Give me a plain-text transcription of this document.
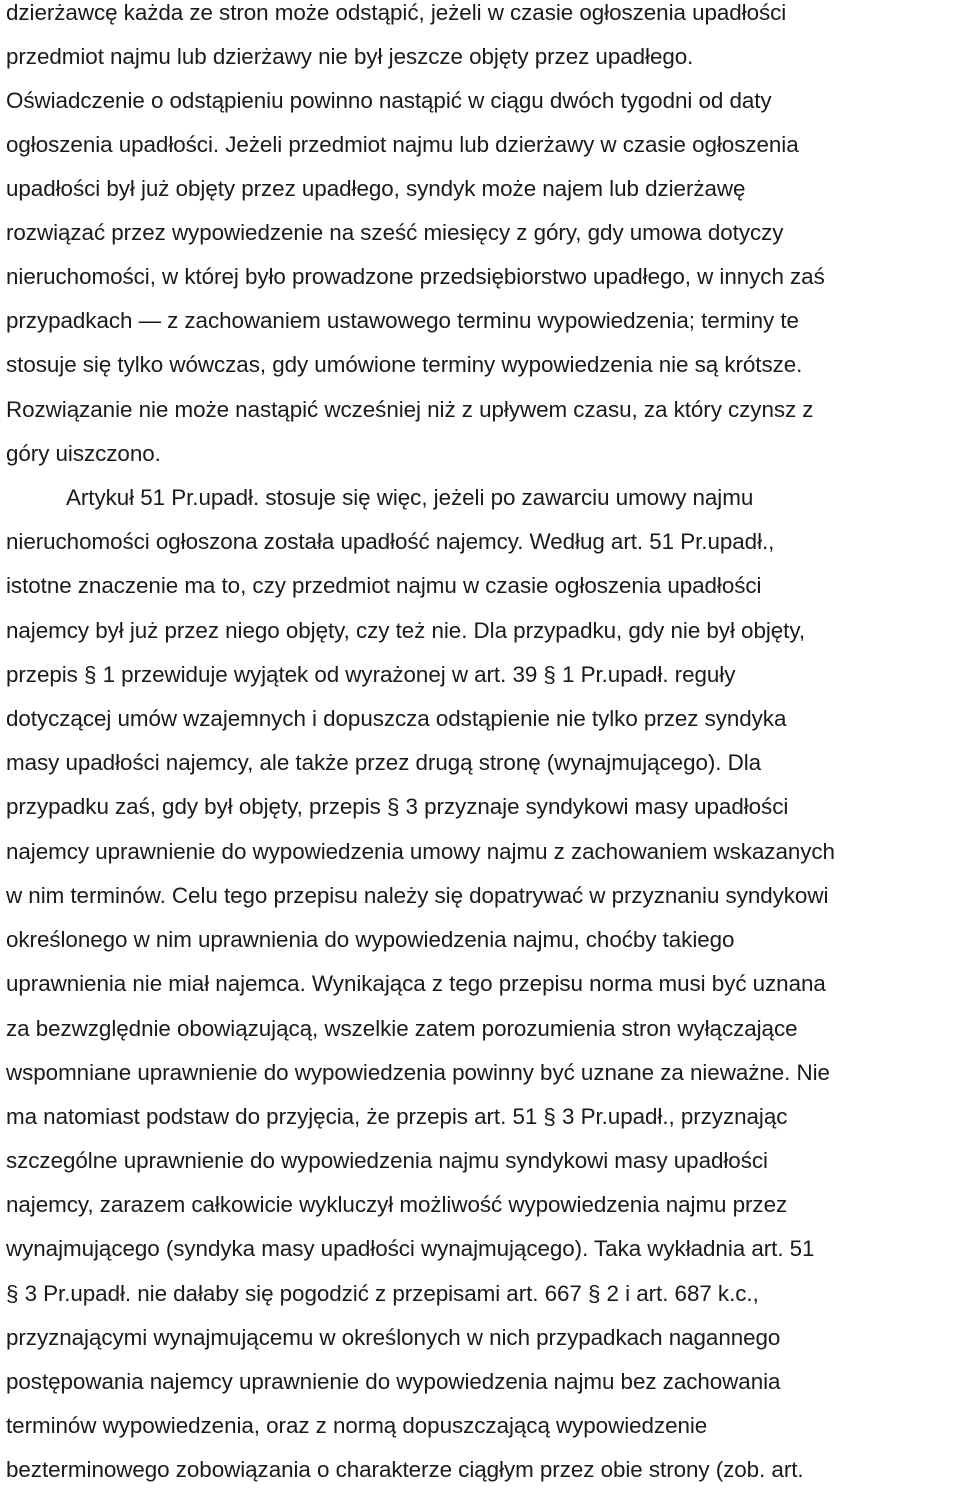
dzierżawcę każda ze stron może odstąpić, jeżeli w czasie ogłoszenia upadłości
przedmiot najmu lub dzierżawy nie był jeszcze objęty przez upadłego.
Oświadczenie o odstąpieniu powinno nastąpić w ciągu dwóch tygodni od daty
ogłoszenia upadłości. Jeżeli przedmiot najmu lub dzierżawy w czasie ogłoszenia
upadłości był już objęty przez upadłego, syndyk może najem lub dzierżawę
rozwiązać przez wypowiedzenie na sześć miesięcy z góry, gdy umowa dotyczy
nieruchomości, w której było prowadzone przedsiębiorstwo upadłego, w innych zaś
przypadkach — z zachowaniem ustawowego terminu wypowiedzenia; terminy te
stosuje się tylko wówczas, gdy umówione terminy wypowiedzenia nie są krótsze.
Rozwiązanie nie może nastąpić wcześniej niż z upływem czasu, za który czynsz z
góry uiszczono.
Artykuł 51 Pr.upadł. stosuje się więc, jeżeli po zawarciu umowy najmu
nieruchomości ogłoszona została upadłość najemcy. Według art. 51 Pr.upadł.,
istotne znaczenie ma to, czy przedmiot najmu w czasie ogłoszenia upadłości
najemcy był już przez niego objęty, czy też nie. Dla przypadku, gdy nie był objęty,
przepis § 1 przewiduje wyjątek od wyrażonej w art. 39 § 1 Pr.upadł. reguły
dotyczącej umów wzajemnych i dopuszcza odstąpienie nie tylko przez syndyka
masy upadłości najemcy, ale także przez drugą stronę (wynajmującego). Dla
przypadku zaś, gdy był objęty, przepis § 3 przyznaje syndykowi masy upadłości
najemcy uprawnienie do wypowiedzenia umowy najmu z zachowaniem wskazanych
w nim terminów. Celu tego przepisu należy się dopatrywać w przyznaniu syndykowi
określonego w nim uprawnienia do wypowiedzenia najmu, choćby takiego
uprawnienia nie miał najemca. Wynikająca z tego przepisu norma musi być uznana
za bezwzględnie obowiązującą, wszelkie zatem porozumienia stron wyłączające
wspomniane uprawnienie do wypowiedzenia powinny być uznane za nieważne. Nie
ma natomiast podstaw do przyjęcia, że przepis art. 51 § 3 Pr.upadł., przyznając
szczególne uprawnienie do wypowiedzenia najmu syndykowi masy upadłości
najemcy, zarazem całkowicie wykluczył możliwość wypowiedzenia najmu przez
wynajmującego (syndyka masy upadłości wynajmującego). Taka wykładnia art. 51
§ 3 Pr.upadł. nie dałaby się pogodzić z przepisami art. 667 § 2 i art. 687 k.c.,
przyznającymi wynajmującemu w określonych w nich przypadkach nagannego
postępowania najemcy uprawnienie do wypowiedzenia najmu bez zachowania
terminów wypowiedzenia, oraz z normą dopuszczającą wypowiedzenie
bezterminowego zobowiązania o charakterze ciągłym przez obie strony (zob. art.
